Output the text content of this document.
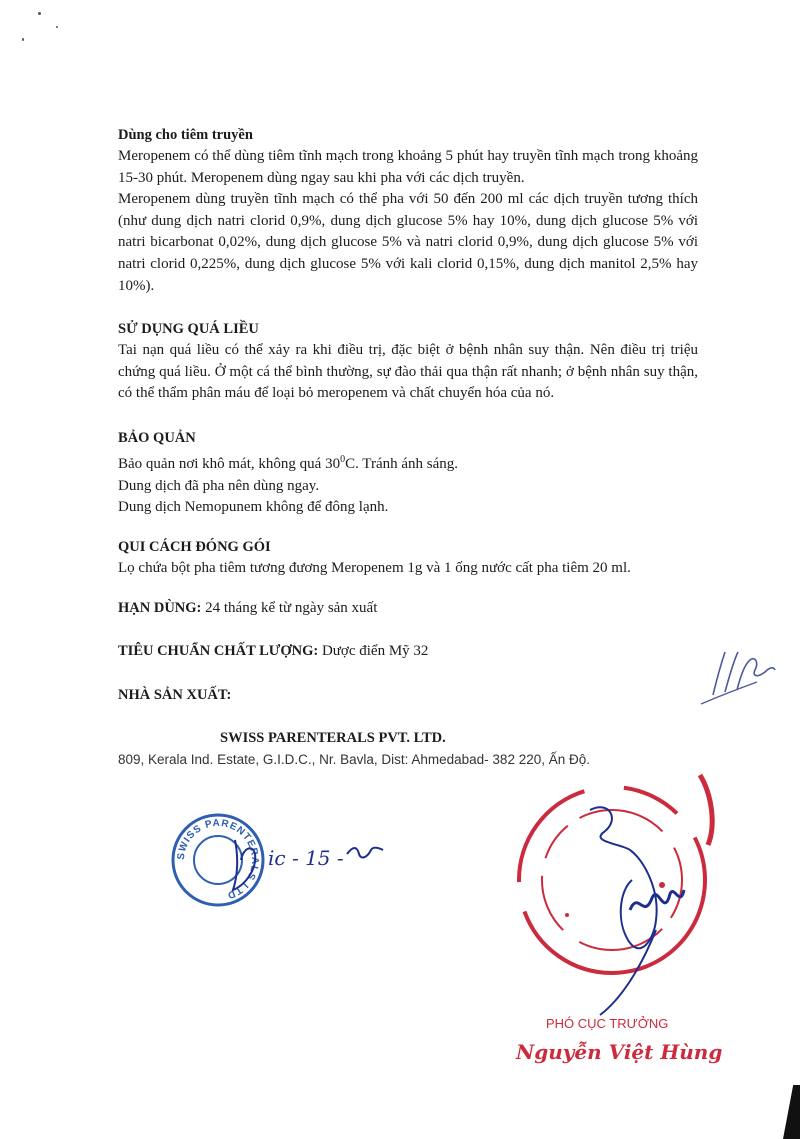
Dùng cho tiêm truyền

Meropenem có thể dùng tiêm tĩnh mạch trong khoảng 5 phút hay truyền tĩnh mạch trong khoảng 15-30 phút. Meropenem dùng ngay sau khi pha với các dịch truyền.

Meropenem dùng truyền tĩnh mạch có thể pha với 50 đến 200 ml các dịch truyền tương thích (như dung dịch natri clorid 0,9%, dung dịch glucose 5% hay 10%, dung dịch glucose 5% với natri bicarbonat 0,02%, dung dịch glucose 5% và natri clorid 0,9%, dung dịch glucose 5% với natri clorid 0,225%, dung dịch glucose 5% với kali clorid 0,15%, dung dịch manitol 2,5% hay 10%).

SỬ DỤNG QUÁ LIỀU

Tai nạn quá liều có thể xảy ra khi điều trị, đặc biệt ở bệnh nhân suy thận. Nên điều trị triệu chứng quá liều. Ở một cá thể bình thường, sự đào thải qua thận rất nhanh; ở bệnh nhân suy thận, có thể thẩm phân máu để loại bỏ meropenem và chất chuyển hóa của nó.

BẢO QUẢN

Bảo quản nơi khô mát, không quá $30^0C$. Tránh ánh sáng.

Dung dịch đã pha nên dùng ngay.

Dung dịch Nemopunem không để đông lạnh.

QUI CÁCH ĐÓNG GÓI

Lọ chứa bột pha tiêm tương đương Meropenem 1g và 1 ống nước cất pha tiêm 20 ml.

HẠN DÙNG: 24 tháng kể từ ngày sản xuất
TIÊU CHUẨN CHẤT LƯỢNG: Dược điển Mỹ 32
NHÀ SẢN XUẤT:
SWISS PARENTERALS PVT. LTD.
809, Kerala Ind. Estate, G.I.D.C., Nr. Bavla, Dist: Ahmedabad- 382 220, Ấn Độ.
SWISS PARENTERALS LTD
ic - 15 -
PHÓ CỤC TRƯỞNG
Nguyễn Việt Hùng
